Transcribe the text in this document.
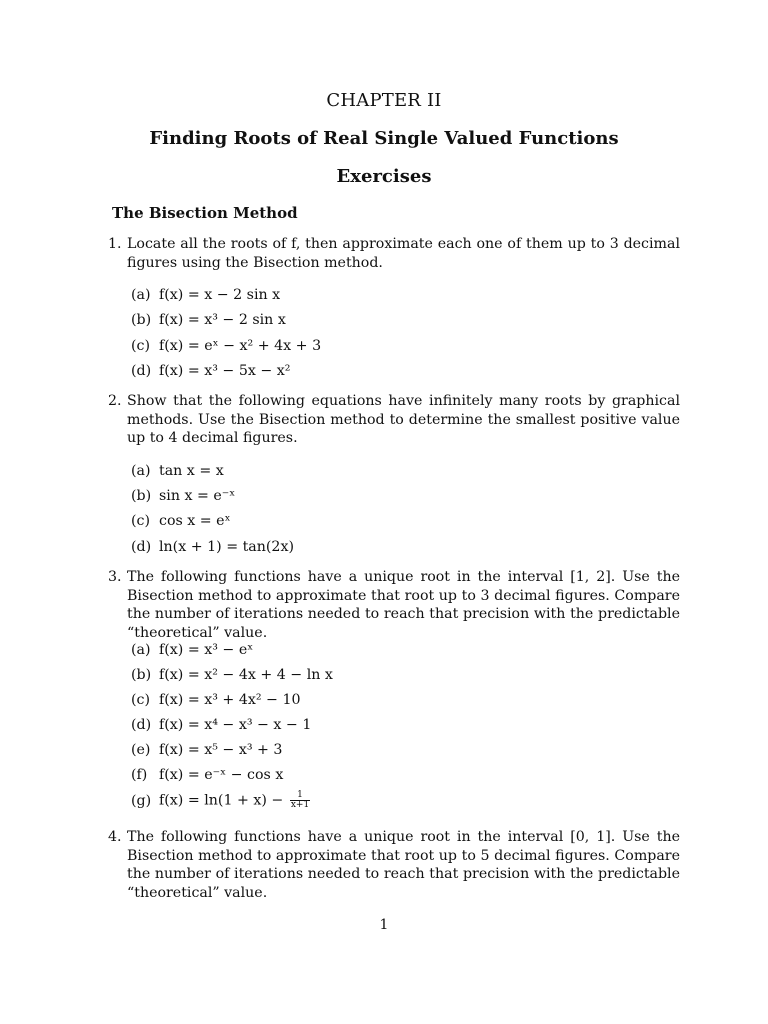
CHAPTER II
Finding Roots of Real Single Valued Functions
Exercises
The Bisection Method
1. Locate all the roots of f, then approximate each one of them up to 3 decimal figures using the Bisection method.
(a) f(x) = x − 2 sin x
(b) f(x) = x³ − 2 sin x
(c) f(x) = eˣ − x² + 4x + 3
(d) f(x) = x³ − 5x − x²
2. Show that the following equations have infinitely many roots by graphical methods. Use the Bisection method to determine the smallest positive value up to 4 decimal figures.
(a) tan x = x
(b) sin x = e⁻ˣ
(c) cos x = eˣ
(d) ln(x + 1) = tan(2x)
3. The following functions have a unique root in the interval [1, 2]. Use the Bisection method to approximate that root up to 3 decimal figures. Compare the number of iterations needed to reach that precision with the predictable “theoretical” value.
(a) f(x) = x³ − eˣ
(b) f(x) = x² − 4x + 4 − ln x
(c) f(x) = x³ + 4x² − 10
(d) f(x) = x⁴ − x³ − x − 1
(e) f(x) = x⁵ − x³ + 3
(f) f(x) = e⁻ˣ − cos x
(g) $f(x) = \ln(1 + x) - \frac{1}{x+1}$
4. The following functions have a unique root in the interval [0, 1]. Use the Bisection method to approximate that root up to 5 decimal figures. Compare the number of iterations needed to reach that precision with the predictable “theoretical” value.
1
